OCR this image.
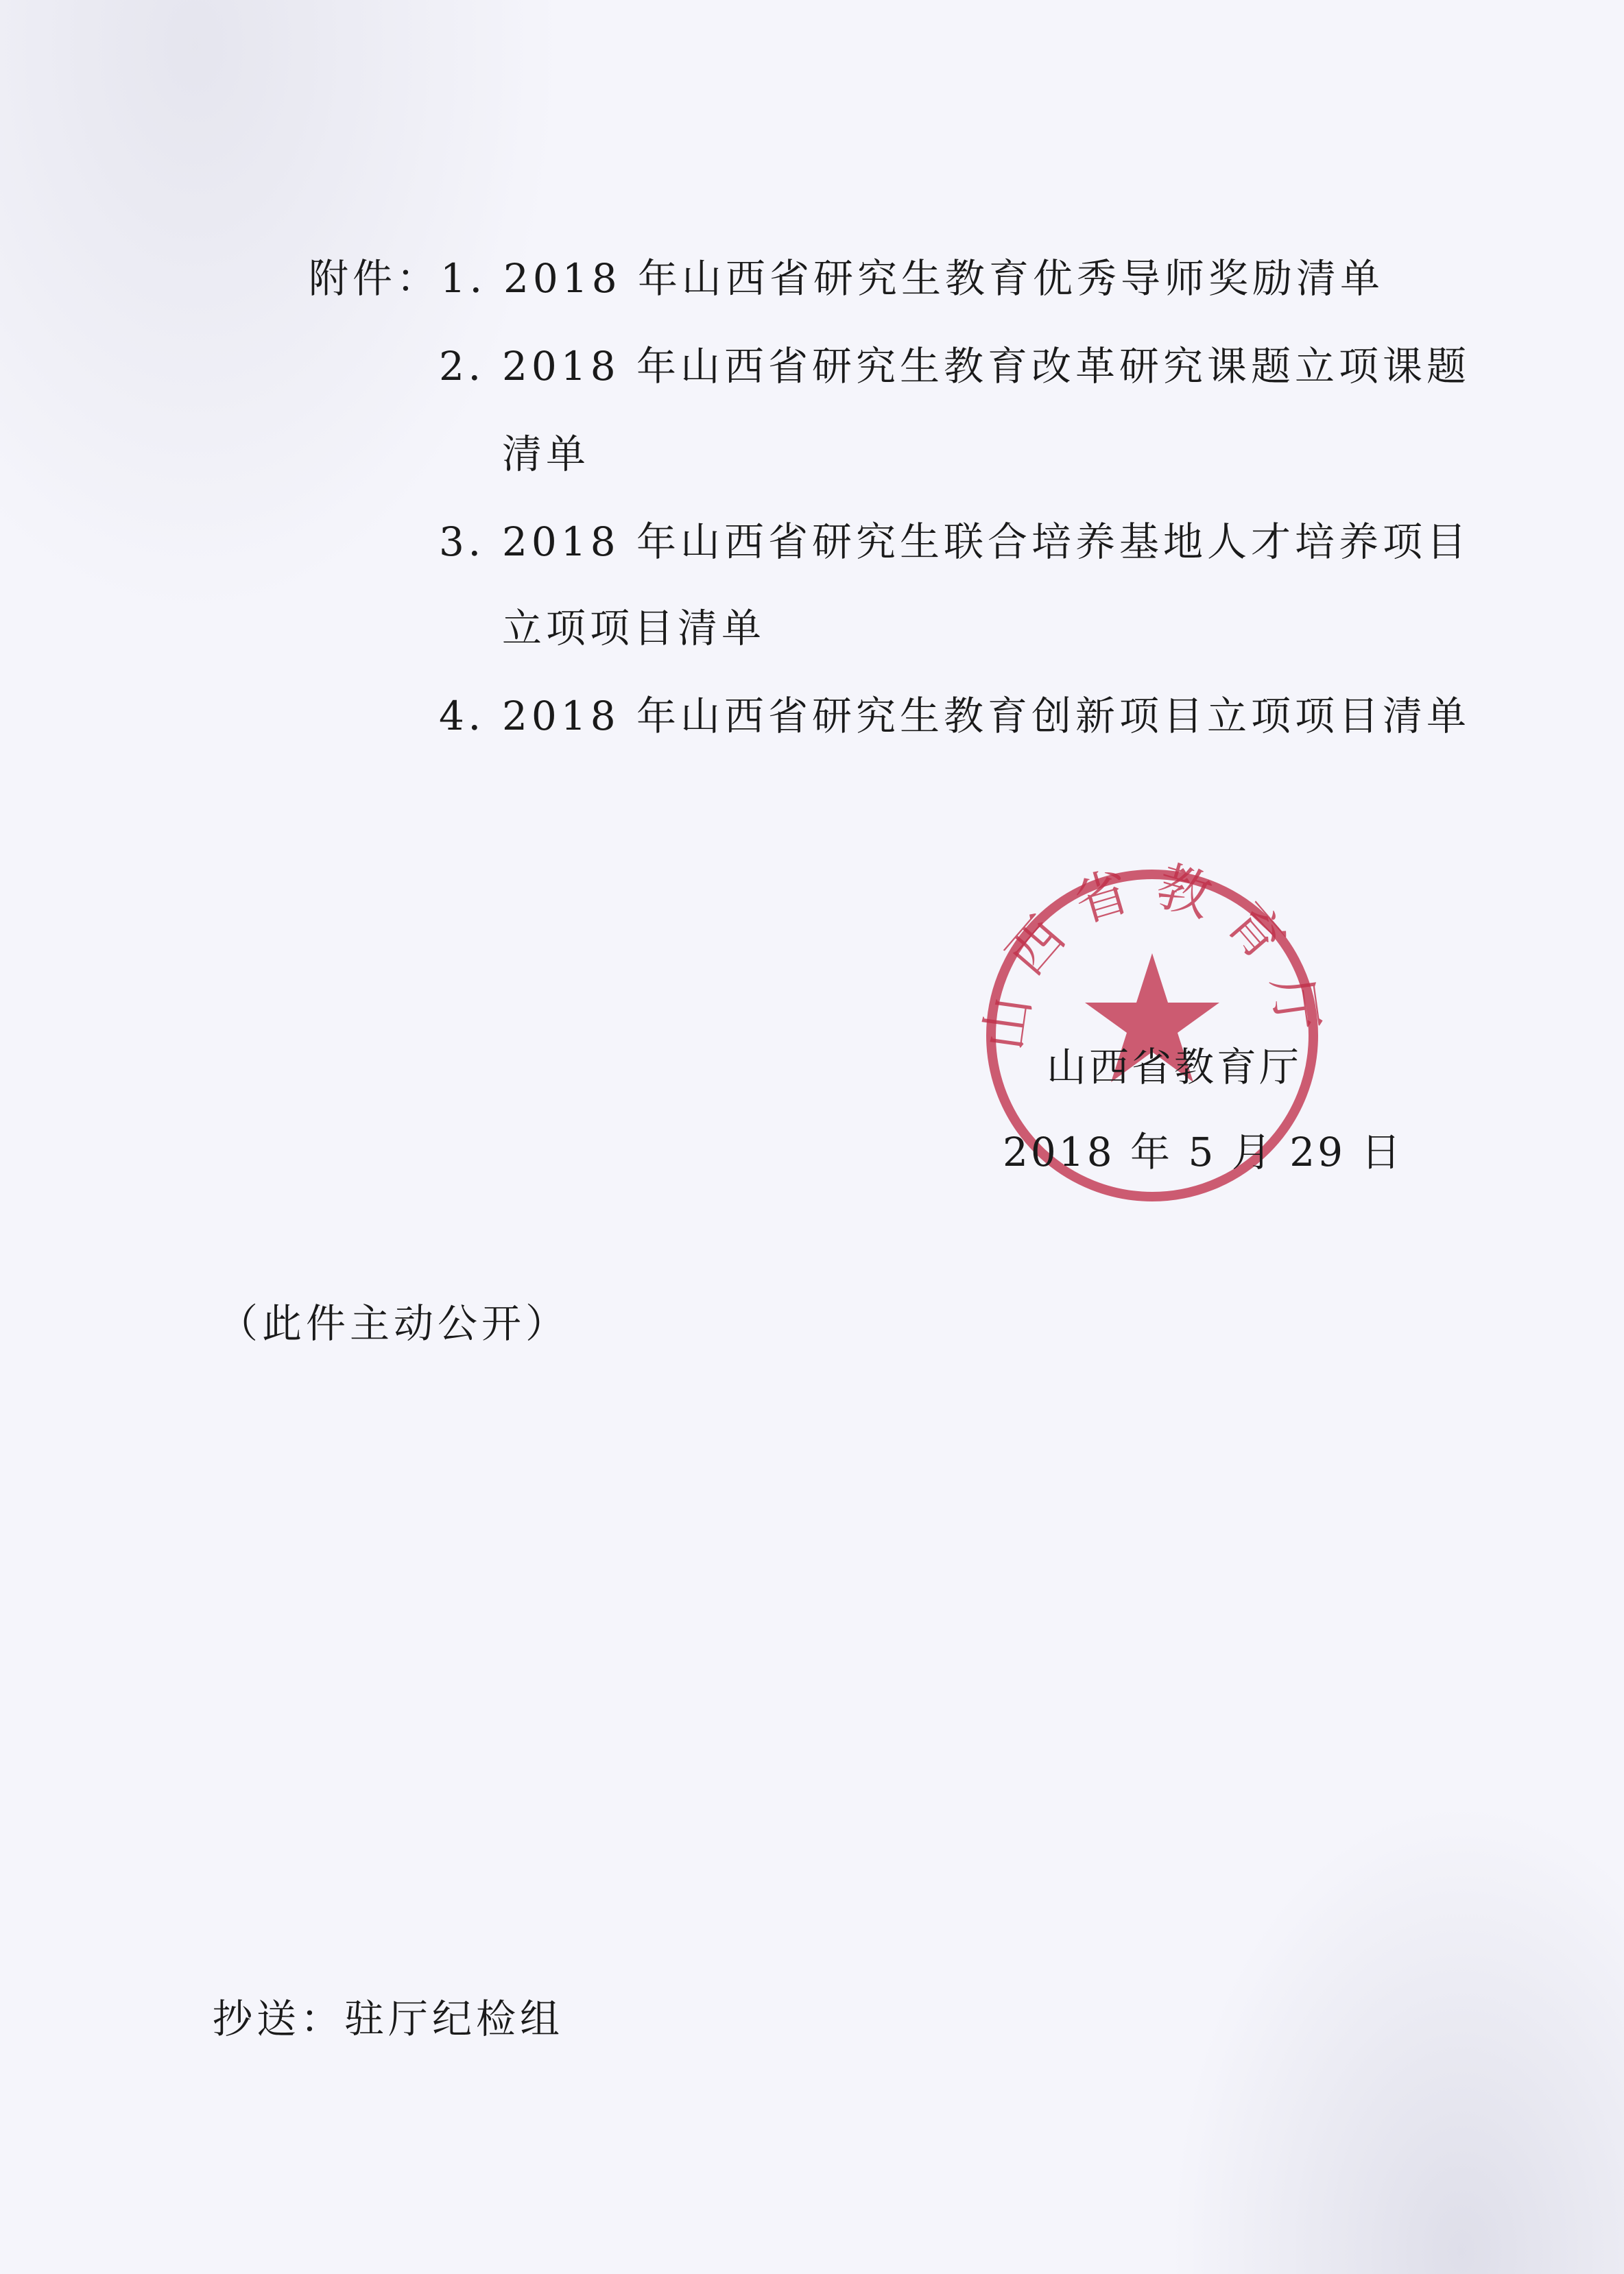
附件：1．2018 年山西省研究生教育优秀导师奖励清单
2．2018 年山西省研究生教育改革研究课题立项课题
清单
3．2018 年山西省研究生联合培养基地人才培养项目
立项项目清单
4．2018 年山西省研究生教育创新项目立项项目清单
山西省教育厅
山西省教育厅
2018 年 5 月 29 日
（此件主动公开）
抄送：驻厅纪检组
